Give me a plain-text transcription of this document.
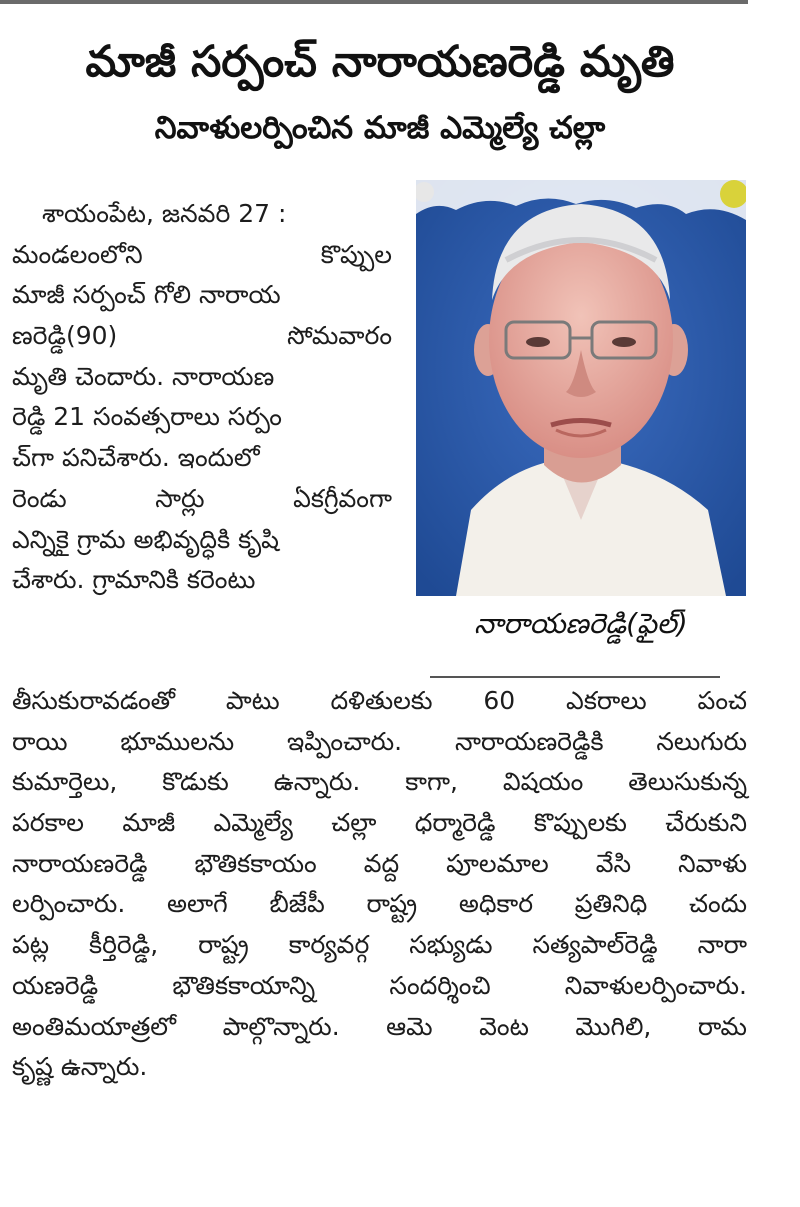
మాజీ సర్పంచ్ నారాయణరెడ్డి మృతి
నివాళులర్పించిన మాజీ ఎమ్మెల్యే చల్లా
శాయంపేట, జనవరి 27 :
మండలంలోని కొప్పుల
మాజీ సర్పంచ్ గోలి నారాయ
ణరెడ్డి(90) సోమవారం
మృతి చెందారు. నారాయణ
రెడ్డి 21 సంవత్సరాలు సర్పం
చ్‌గా పనిచేశారు. ఇందులో
రెండు సార్లు ఏకగ్రీవంగా
ఎన్నికై గ్రామ అభివృద్ధికి కృషి
చేశారు. గ్రామానికి కరెంటు
నారాయణరెడ్డి(ఫైల్)
తీసుకురావడంతో పాటు దళితులకు 60 ఎకరాలు పంచ
రాయి భూములను ఇప్పించారు. నారాయణరెడ్డికి నలుగురు
కుమార్తెలు, కొడుకు ఉన్నారు. కాగా, విషయం తెలుసుకున్న
పరకాల మాజీ ఎమ్మెల్యే చల్లా ధర్మారెడ్డి కొప్పులకు చేరుకుని
నారాయణరెడ్డి భౌతికకాయం వద్ద పూలమాల వేసి నివాళు
లర్పించారు. అలాగే బీజేపీ రాష్ట్ర అధికార ప్రతినిధి చందు
పట్ల కీర్తిరెడ్డి, రాష్ట్ర కార్యవర్గ సభ్యుడు సత్యపాల్‌రెడ్డి నారా
యణరెడ్డి భౌతికకాయాన్ని సందర్శించి నివాళులర్పించారు.
అంతిమయాత్రలో పాల్గొన్నారు. ఆమె వెంట మొగిలి, రామ
కృష్ణ ఉన్నారు.
